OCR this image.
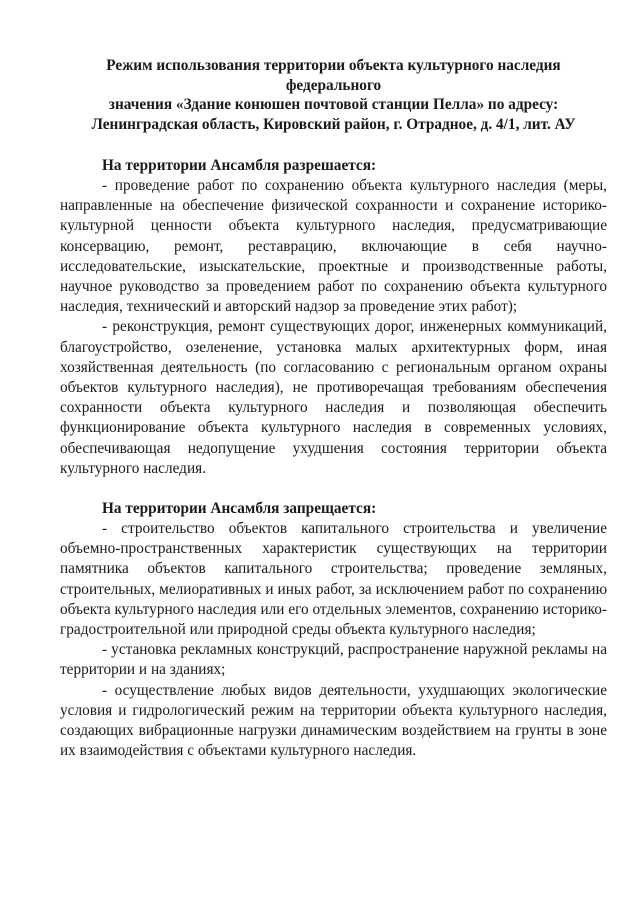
Режим использования территории объекта культурного наследия федерального
значения «Здание конюшен почтовой станции Пелла» по адресу:
Ленинградская область, Кировский район, г. Отрадное, д. 4/1, лит. АУ

На территории Ансамбля разрешается:

- проведение работ по сохранению объекта культурного наследия (меры, направленные на обеспечение физической сохранности и сохранение историко-культурной ценности объекта культурного наследия, предусматривающие консервацию, ремонт, реставрацию, включающие в себя научно-исследовательские, изыскательские, проектные и производственные работы, научное руководство за проведением работ по сохранению объекта культурного наследия, технический и авторский надзор за проведение этих работ);

- реконструкция, ремонт существующих дорог, инженерных коммуникаций, благоустройство, озеленение, установка малых архитектурных форм, иная хозяйственная деятельность (по согласованию с региональным органом охраны объектов культурного наследия), не противоречащая требованиям обеспечения сохранности объекта культурного наследия и позволяющая обеспечить функционирование объекта культурного наследия в современных условиях, обеспечивающая недопущение ухудшения состояния территории объекта культурного наследия.

На территории Ансамбля запрещается:

- строительство объектов капитального строительства и увеличение объемно-пространственных характеристик существующих на территории памятника объектов капитального строительства; проведение земляных, строительных, мелиоративных и иных работ, за исключением работ по сохранению объекта культурного наследия или его отдельных элементов, сохранению историко-градостроительной или природной среды объекта культурного наследия;

- установка рекламных конструкций, распространение наружной рекламы на территории и на зданиях;

- осуществление любых видов деятельности, ухудшающих экологические условия и гидрологический режим на территории объекта культурного наследия, создающих вибрационные нагрузки динамическим воздействием на грунты в зоне их взаимодействия с объектами культурного наследия.
